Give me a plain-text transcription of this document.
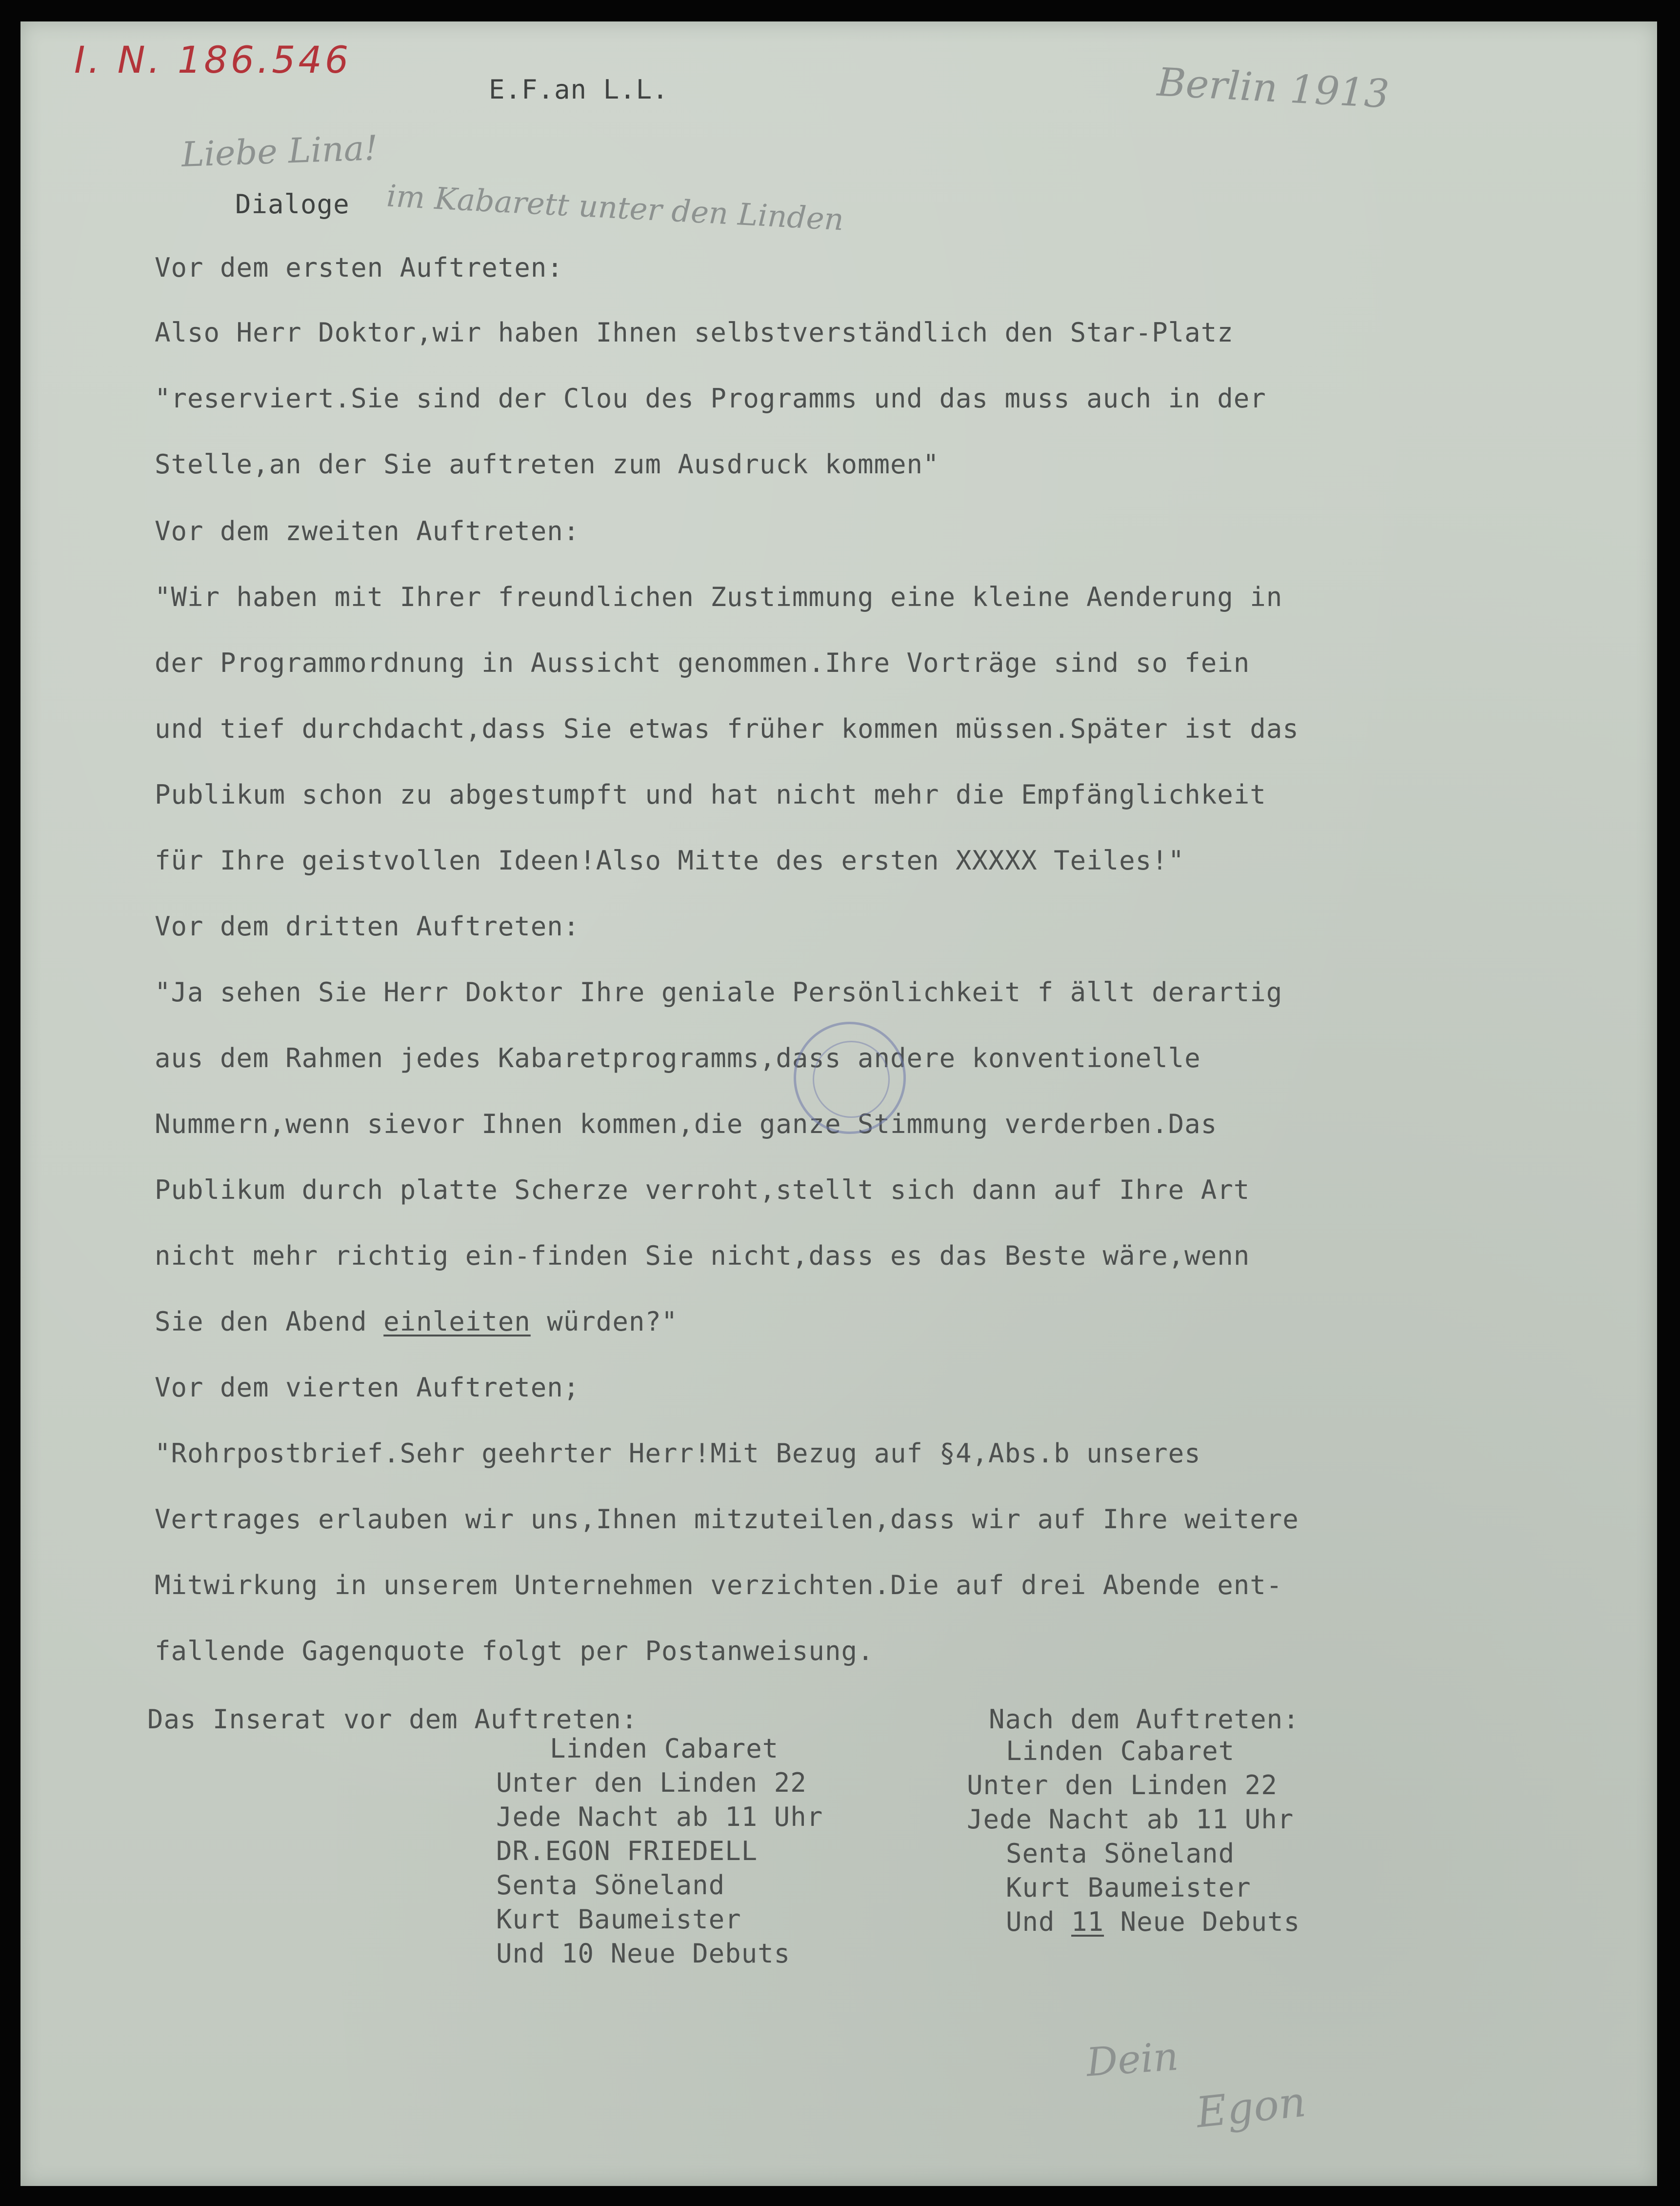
I. N. 186.546	Berlin 1913
E.F.an L.L.
Liebe Lina!
Dialoge im Kabarett unter den Linden
Vor dem ersten Auftreten:
Also Herr Doktor,wir haben Ihnen selbstverständlich den Star-Platz
"reserviert.Sie sind der Clou des Programms und das muss auch in der
Stelle,an der Sie auftreten zum Ausdruck kommen"
Vor dem zweiten Auftreten:
"Wir haben mit Ihrer freundlichen Zustimmung eine kleine Aenderung in
der Programmordnung in Aussicht genommen.Ihre Vorträge sind so fein
und tief durchdacht,dass Sie etwas früher kommen müssen.Später ist das
Publikum schon zu abgestumpft und hat nicht mehr die Empfänglichkeit
für Ihre geistvollen Ideen!Also Mitte des ersten XXXXX Teiles!"
Vor dem dritten Auftreten:
"Ja sehen Sie Herr Doktor Ihre geniale Persönlichkeit f ällt derartig
aus dem Rahmen jedes Kabaretprogramms,dass andere konventionelle
Nummern,wenn sievor Ihnen kommen,die ganze Stimmung verderben.Das
Publikum durch platte Scherze verroht,stellt sich dann auf Ihre Art
nicht mehr richtig ein-finden Sie nicht,dass es das Beste wäre,wenn
Sie den Abend einleiten würden?"
Vor dem vierten Auftreten;
"Rohrpostbrief.Sehr geehrter Herr!Mit Bezug auf §4,Abs.b unseres
Vertrages erlauben wir uns,Ihnen mitzuteilen,dass wir auf Ihre weitere
Mitwirkung in unserem Unternehmen verzichten.Die auf drei Abende ent-
fallende Gagenquote folgt per Postanweisung.
Das Inserat vor dem Auftreten:	Nach dem Auftreten:
Linden Cabaret
Unter den Linden 22
Jede Nacht ab 11 Uhr
DR.EGON FRIEDELL
Senta Söneland
Kurt Baumeister
Und 10 Neue Debuts
Linden Cabaret
Unter den Linden 22
Jede Nacht ab 11 Uhr
Senta Söneland
Kurt Baumeister
Und 11 Neue Debuts
Dein
Egon
